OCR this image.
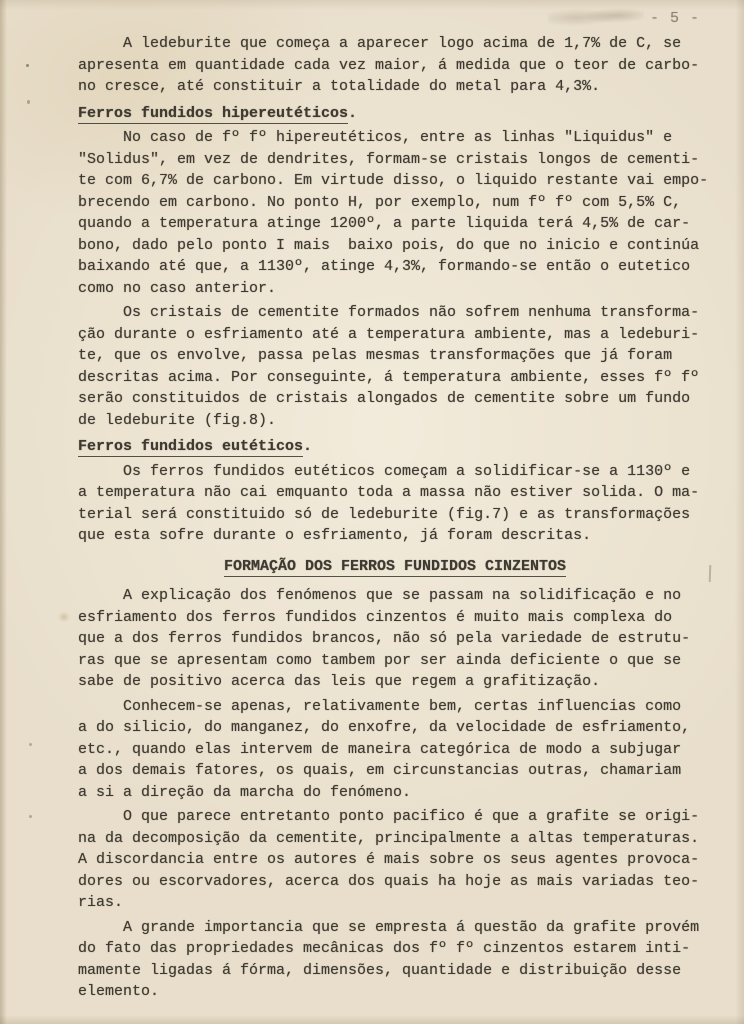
- 5 -
A ledeburite que começa a aparecer logo acima de 1,7% de C, se
apresenta em quantidade cada vez maior, á medida que o teor de carbo-
no cresce, até constituir a totalidade do metal para 4,3%.
Ferros fundidos hipereutéticos.
No caso de fº fº hipereutéticos, entre as linhas "Liquidus" e
"Solidus", em vez de dendrites, formam-se cristais longos de cementi-
te com 6,7% de carbono. Em virtude disso, o liquido restante vai empo-
brecendo em carbono. No ponto H, por exemplo, num fº fº com 5,5% C,
quando a temperatura atinge 1200º, a parte liquida terá 4,5% de car-
bono, dado pelo ponto I mais  baixo pois, do que no inicio e continúa
baixando até que, a 1130º, atinge 4,3%, formando-se então o eutetico
como no caso anterior.
Os cristais de cementite formados não sofrem nenhuma transforma-
ção durante o esfriamento até a temperatura ambiente, mas a ledeburi-
te, que os envolve, passa pelas mesmas transformações que já foram
descritas acima. Por conseguinte, á temperatura ambiente, esses fº fº
serão constituidos de cristais alongados de cementite sobre um fundo
de ledeburite (fig.8).
Ferros fundidos eutéticos.
Os ferros fundidos eutéticos começam a solidificar-se a 1130º e
a temperatura não cai emquanto toda a massa não estiver solida. O ma-
terial será constituido só de ledeburite (fig.7) e as transformações
que esta sofre durante o esfriamento, já foram descritas.
FORMAÇÃO DOS FERROS FUNDIDOS CINZENTOS
A explicação dos fenómenos que se passam na solidificação e no
esfriamento dos ferros fundidos cinzentos é muito mais complexa do
que a dos ferros fundidos brancos, não só pela variedade de estrutu-
ras que se apresentam como tambem por ser ainda deficiente o que se
sabe de positivo acerca das leis que regem a grafitização.
Conhecem-se apenas, relativamente bem, certas influencias como
a do silicio, do manganez, do enxofre, da velocidade de esfriamento,
etc., quando elas intervem de maneira categórica de modo a subjugar
a dos demais fatores, os quais, em circunstancias outras, chamariam
a si a direção da marcha do fenómeno.
O que parece entretanto ponto pacifico é que a grafite se origi-
na da decomposição da cementite, principalmente a altas temperaturas.
A discordancia entre os autores é mais sobre os seus agentes provoca-
dores ou escorvadores, acerca dos quais ha hoje as mais variadas teo-
rias.
A grande importancia que se empresta á questão da grafite provém
do fato das propriedades mecânicas dos fº fº cinzentos estarem inti-
mamente ligadas á fórma, dimensões, quantidade e distribuição desse
elemento.
